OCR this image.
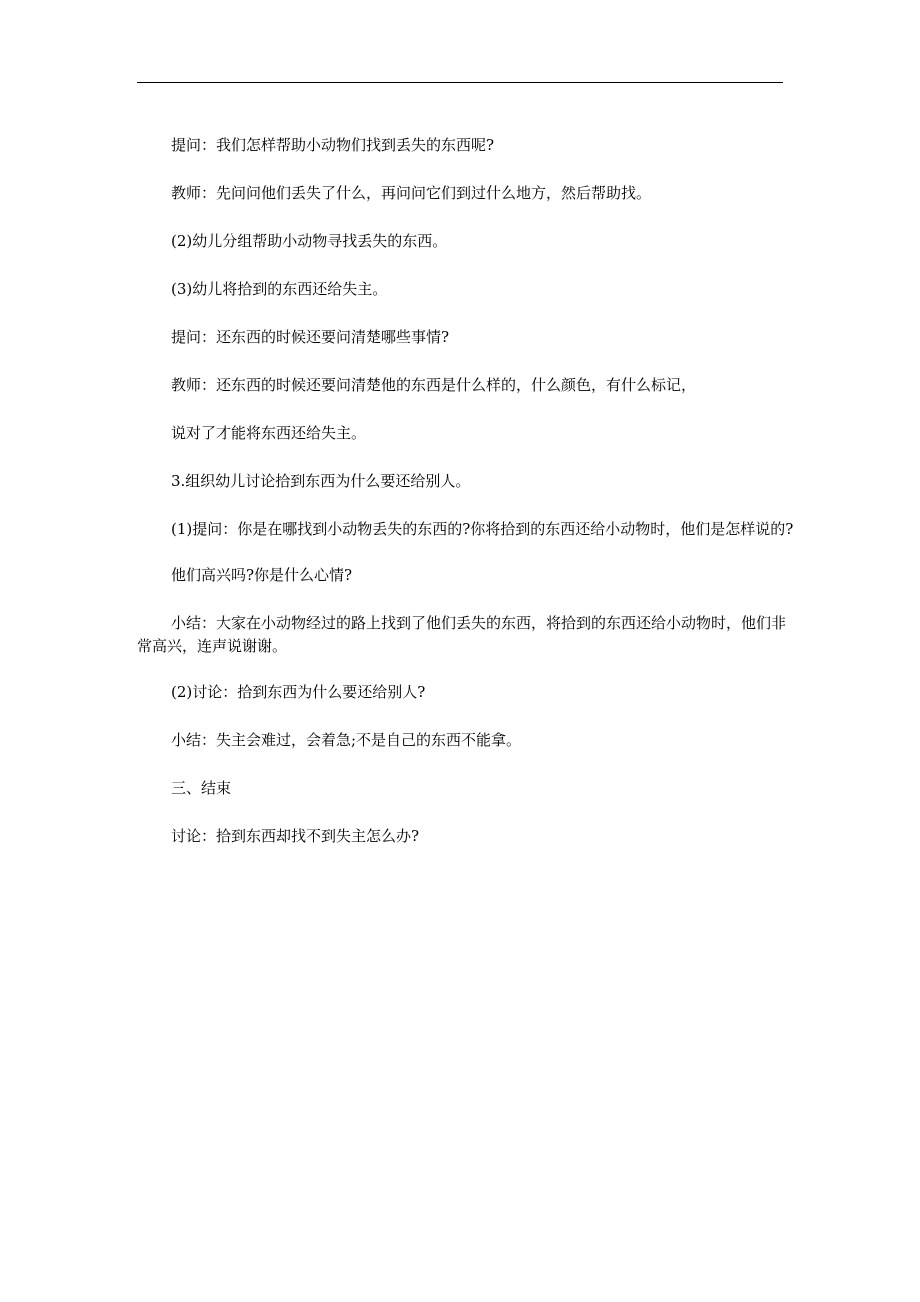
提问：我们怎样帮助小动物们找到丢失的东西呢?

教师：先问问他们丢失了什么，再问问它们到过什么地方，然后帮助找。

(2)幼儿分组帮助小动物寻找丢失的东西。

(3)幼儿将拾到的东西还给失主。

提问：还东西的时候还要问清楚哪些事情?

教师：还东西的时候还要问清楚他的东西是什么样的，什么颜色，有什么标记，

说对了才能将东西还给失主。

3.组织幼儿讨论拾到东西为什么要还给别人。

(1)提问：你是在哪找到小动物丢失的东西的?你将拾到的东西还给小动物时，他们是怎样说的?

他们高兴吗?你是什么心情?

小结：大家在小动物经过的路上找到了他们丢失的东西，将拾到的东西还给小动物时，他们非常高兴，连声说谢谢。

(2)讨论：拾到东西为什么要还给别人?

小结：失主会难过，会着急;不是自己的东西不能拿。

三、结束

讨论：拾到东西却找不到失主怎么办?
